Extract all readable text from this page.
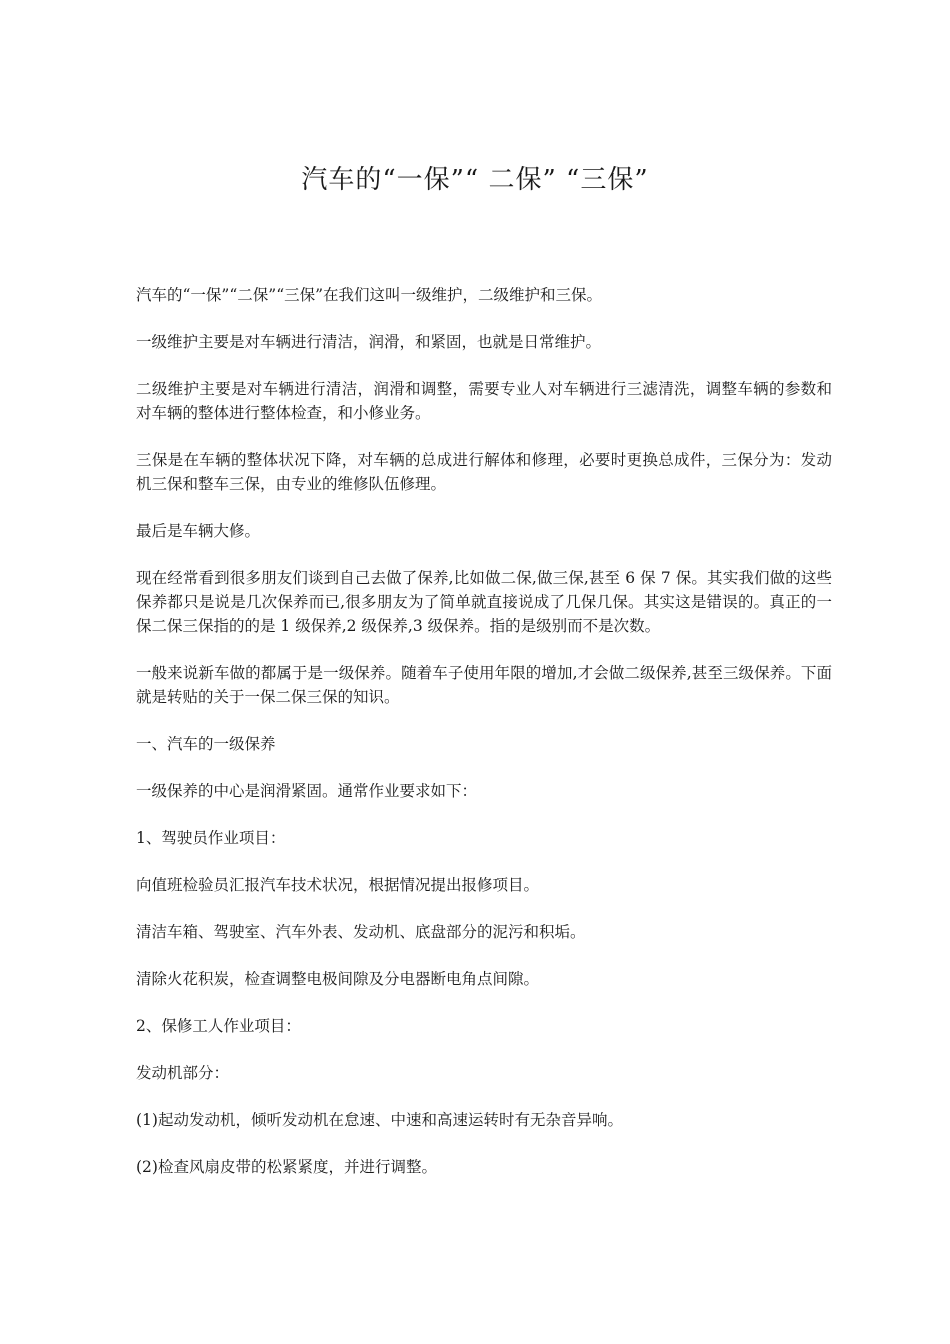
汽车的“一保”“ 二保” “三保”

汽车的“一保”“二保”“三保”在我们这叫一级维护，二级维护和三保。

一级维护主要是对车辆进行清洁，润滑，和紧固，也就是日常维护。

二级维护主要是对车辆进行清洁，润滑和调整，需要专业人对车辆进行三滤清洗，调整车辆的参数和对车辆的整体进行整体检查，和小修业务。

三保是在车辆的整体状况下降，对车辆的总成进行解体和修理，必要时更换总成件，三保分为：发动机三保和整车三保，由专业的维修队伍修理。

最后是车辆大修。

现在经常看到很多朋友们谈到自己去做了保养,比如做二保,做三保,甚至 6 保 7 保。其实我们做的这些保养都只是说是几次保养而已,很多朋友为了简单就直接说成了几保几保。其实这是错误的。真正的一保二保三保指的的是 1 级保养,2 级保养,3 级保养。指的是级别而不是次数。

一般来说新车做的都属于是一级保养。随着车子使用年限的增加,才会做二级保养,甚至三级保养。下面就是转贴的关于一保二保三保的知识。

一、汽车的一级保养

一级保养的中心是润滑紧固。通常作业要求如下：

1、驾驶员作业项目：

向值班检验员汇报汽车技术状况，根据情况提出报修项目。

清洁车箱、驾驶室、汽车外表、发动机、底盘部分的泥污和积垢。

清除火花积炭，检查调整电极间隙及分电器断电角点间隙。

2、保修工人作业项目：

发动机部分：

(1)起动发动机，倾听发动机在怠速、中速和高速运转时有无杂音异响。

(2)检查风扇皮带的松紧紧度，并进行调整。
